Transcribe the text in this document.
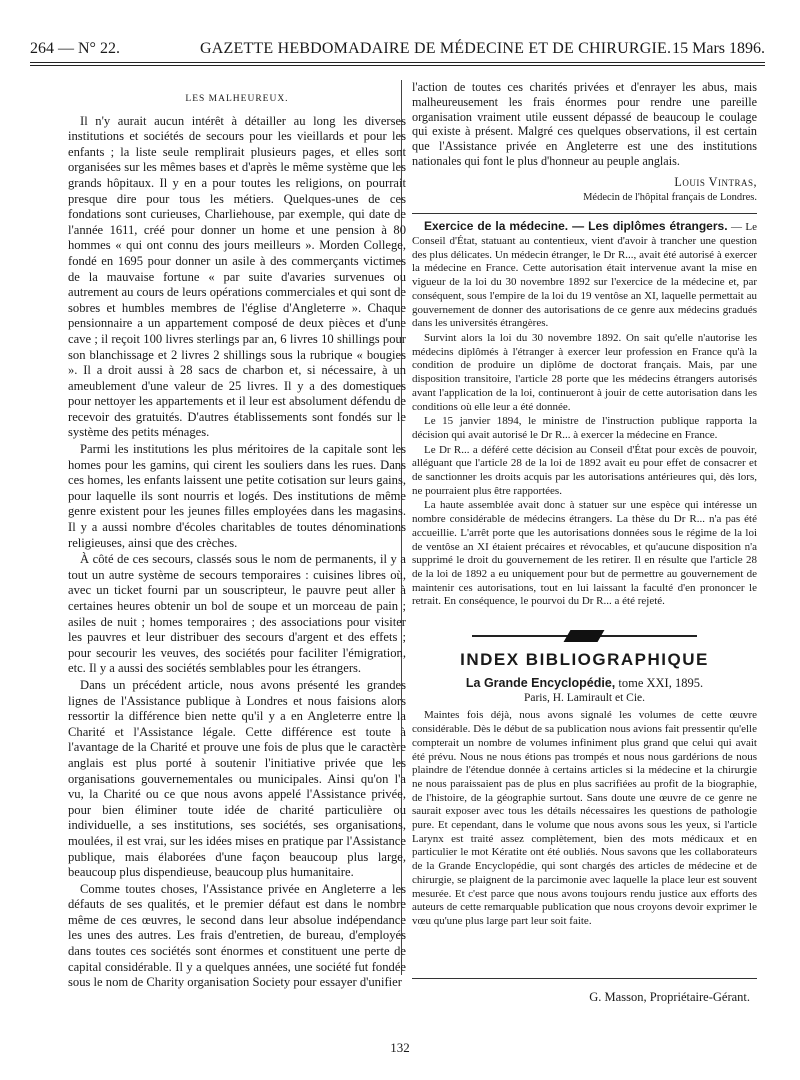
264 — N° 22.	GAZETTE HEBDOMADAIRE DE MÉDECINE ET DE CHIRURGIE. 15 Mars 1896.
LES MALHEUREUX.

Il n'y aurait aucun intérêt à détailler au long les diverses institutions et sociétés de secours pour les vieillards et pour les enfants ; la liste seule remplirait plusieurs pages, et elles sont organisées sur les mêmes bases et d'après le même système que les grands hôpitaux. Il y en a pour toutes les religions, on pourrait presque dire pour tous les métiers. Quelques-unes de ces fondations sont curieuses, Charliehouse, par exemple, qui date de l'année 1611, créé pour donner un home et une pension à 80 hommes « qui ont connu des jours meilleurs ». Morden College, fondé en 1695 pour donner un asile à des commerçants victimes de la mauvaise fortune « par suite d'avaries survenues ou autrement au cours de leurs opérations commerciales et qui sont de sobres et humbles membres de l'église d'Angleterre ». Chaque pensionnaire a un appartement composé de deux pièces et d'une cave ; il reçoit 100 livres sterlings par an, 6 livres 10 shillings pour son blanchissage et 2 livres 2 shillings sous la rubrique « bougies ». Il a droit aussi à 28 sacs de charbon et, si nécessaire, à un ameublement d'une valeur de 25 livres. Il y a des domestiques pour nettoyer les appartements et il leur est absolument défendu de recevoir des gratuités. D'autres établissements sont fondés sur le système des petits ménages.

Parmi les institutions les plus méritoires de la capitale sont les homes pour les gamins, qui cirent les souliers dans les rues. Dans ces homes, les enfants laissent une petite cotisation sur leurs gains, pour laquelle ils sont nourris et logés. Des institutions de même genre existent pour les jeunes filles employées dans les magasins. Il y a aussi nombre d'écoles charitables de toutes dénominations religieuses, ainsi que des crèches.

À côté de ces secours, classés sous le nom de permanents, il y a tout un autre système de secours temporaires : cuisines libres où, avec un ticket fourni par un souscripteur, le pauvre peut aller à certaines heures obtenir un bol de soupe et un morceau de pain ; asiles de nuit ; homes temporaires ; des associations pour visiter les pauvres et leur distribuer des secours d'argent et des effets ; pour secourir les veuves, des sociétés pour faciliter l'émigration, etc. Il y a aussi des sociétés semblables pour les étrangers.

Dans un précédent article, nous avons présenté les grandes lignes de l'Assistance publique à Londres et nous faisions alors ressortir la différence bien nette qu'il y a en Angleterre entre la Charité et l'Assistance légale. Cette différence est toute à l'avantage de la Charité et prouve une fois de plus que le caractère anglais est plus porté à soutenir l'initiative privée que les organisations gouvernementales ou municipales. Ainsi qu'on l'a vu, la Charité ou ce que nous avons appelé l'Assistance privée, pour bien éliminer toute idée de charité particulière ou individuelle, a ses institutions, ses sociétés, ses organisations, moulées, il est vrai, sur les idées mises en pratique par l'Assistance publique, mais élaborées d'une façon beaucoup plus large, beaucoup plus dispendieuse, beaucoup plus humanitaire.

Comme toutes choses, l'Assistance privée en Angleterre a les défauts de ses qualités, et le premier défaut est dans le nombre même de ces œuvres, le second dans leur absolue indépendance les unes des autres. Les frais d'entretien, de bureau, d'employés dans toutes ces sociétés sont énormes et constituent une perte de capital considérable. Il y a quelques années, une société fut fondée sous le nom de Charity organisation Society pour essayer d'unifier

l'action de toutes ces charités privées et d'enrayer les abus, mais malheureusement les frais énormes pour rendre une pareille organisation vraiment utile eussent dépassé de beaucoup le coulage qui existe à présent. Malgré ces quelques observations, il est certain que l'Assistance privée en Angleterre est une des institutions nationales qui font le plus d'honneur au peuple anglais.

Louis Vintras,
Médecin de l'hôpital français de Londres.

Exercice de la médecine. — Les diplômes étrangers. — Le Conseil d'État, statuant au contentieux, vient d'avoir à trancher une question des plus délicates. Un médecin étranger, le Dr R..., avait été autorisé à exercer la médecine en France. Cette autorisation était intervenue avant la mise en vigueur de la loi du 30 novembre 1892 sur l'exercice de la médecine et, par conséquent, sous l'empire de la loi du 19 ventôse an XI, laquelle permettait au gouvernement de donner des autorisations de ce genre aux médecins gradués dans les universités étrangères.

Survint alors la loi du 30 novembre 1892. On sait qu'elle n'autorise les médecins diplômés à l'étranger à exercer leur profession en France qu'à la condition de produire un diplôme de doctorat français. Mais, par une disposition transitoire, l'article 28 porte que les médecins étrangers autorisés avant l'application de la loi, continueront à jouir de cette autorisation dans les conditions où elle leur a été donnée.

Le 15 janvier 1894, le ministre de l'instruction publique rapporta la décision qui avait autorisé le Dr R... à exercer la médecine en France.

Le Dr R... a déféré cette décision au Conseil d'État pour excès de pouvoir, alléguant que l'article 28 de la loi de 1892 avait eu pour effet de consacrer et de sanctionner les droits acquis par les autorisations antérieures qui, dès lors, ne pourraient plus être rapportées.

La haute assemblée avait donc à statuer sur une espèce qui intéresse un nombre considérable de médecins étrangers. La thèse du Dr R... n'a pas été accueillie. L'arrêt porte que les autorisations données sous le régime de la loi de ventôse an XI étaient précaires et révocables, et qu'aucune disposition n'a supprimé le droit du gouvernement de les retirer. Il en résulte que l'article 28 de la loi de 1892 a eu uniquement pour but de permettre au gouvernement de maintenir ces autorisations, tout en lui laissant la faculté d'en prononcer le retrait. En conséquence, le pourvoi du Dr R... a été rejeté.

INDEX BIBLIOGRAPHIQUE
La Grande Encyclopédie, tome XXI, 1895.
Paris, H. Lamirault et Cie.

Maintes fois déjà, nous avons signalé les volumes de cette œuvre considérable. Dès le début de sa publication nous avions fait pressentir qu'elle compterait un nombre de volumes infiniment plus grand que celui qui avait été prévu. Nous ne nous étions pas trompés et nous nous gardérions de nous plaindre de l'étendue donnée à certains articles si la médecine et la chirurgie ne nous paraissaient pas de plus en plus sacrifiées au profit de la biographie, de l'histoire, de la géographie surtout. Sans doute une œuvre de ce genre ne saurait exposer avec tous les détails nécessaires les questions de pathologie pure. Et cependant, dans le volume que nous avons sous les yeux, si l'article Larynx est traité assez complètement, bien des mots médicaux et en particulier le mot Kératite ont été oubliés. Nous savons que les collaborateurs de la Grande Encyclopédie, qui sont chargés des articles de médecine et de chirurgie, se plaignent de la parcimonie avec laquelle la place leur est souvent mesurée. Et c'est parce que nous avons toujours rendu justice aux efforts des auteurs de cette remarquable publication que nous croyons devoir exprimer le vœu qu'une plus large part leur soit faite.

G. Masson, Propriétaire-Gérant.
132
